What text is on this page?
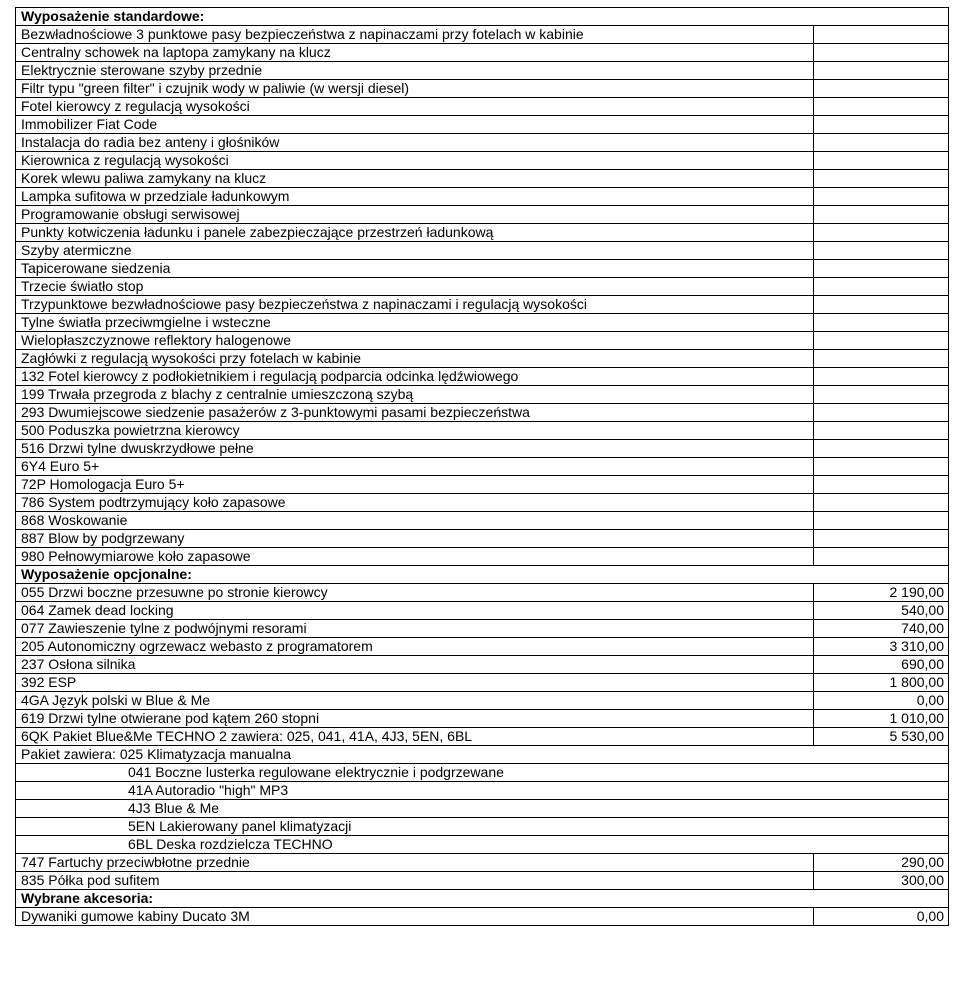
Wyposażenie standardowe:	
Bezwładnościowe 3 punktowe pasy bezpieczeństwa z napinaczami przy fotelach w kabinie	
Centralny schowek na laptopa zamykany na klucz	
Elektrycznie sterowane szyby przednie	
Filtr typu "green filter" i czujnik wody w paliwie (w wersji diesel)	
Fotel kierowcy z regulacją wysokości	
Immobilizer Fiat Code	
Instalacja do radia bez anteny i głośników	
Kierownica z regulacją wysokości	
Korek wlewu paliwa zamykany na klucz	
Lampka sufitowa w przedziale ładunkowym	
Programowanie obsługi serwisowej	
Punkty kotwiczenia ładunku i panele zabezpieczające przestrzeń ładunkową	
Szyby atermiczne	
Tapicerowane siedzenia	
Trzecie światło stop	
Trzypunktowe bezwładnościowe pasy bezpieczeństwa z napinaczami i regulacją wysokości	
Tylne światła przeciwmgielne i wsteczne	
Wielopłaszczyznowe reflektory halogenowe	
Zagłówki z regulacją wysokości przy fotelach w kabinie	
132 Fotel kierowcy z podłokietnikiem i regulacją podparcia odcinka lędźwiowego	
199 Trwała przegroda z blachy z centralnie umieszczoną szybą	
293 Dwumiejscowe siedzenie pasażerów z 3-punktowymi pasami bezpieczeństwa	
500 Poduszka powietrzna kierowcy	
516 Drzwi tylne dwuskrzydłowe pełne	
6Y4 Euro 5+	
72P Homologacja Euro 5+	
786 System podtrzymujący koło zapasowe	
868 Woskowanie	
887 Blow by podgrzewany	
980 Pełnowymiarowe koło zapasowe	
Wyposażenie opcjonalne:	
055 Drzwi boczne przesuwne po stronie kierowcy	2 190,00
064 Zamek dead locking	540,00
077 Zawieszenie tylne z podwójnymi resorami	740,00
205 Autonomiczny ogrzewacz webasto z programatorem	3 310,00
237 Osłona silnika	690,00
392 ESP	1 800,00
4GA Język polski w Blue & Me	0,00
619 Drzwi tylne otwierane pod kątem 260 stopni	1 010,00
6QK Pakiet Blue&Me TECHNO 2 zawiera: 025, 041, 41A, 4J3, 5EN, 6BL	5 530,00
Pakiet zawiera: 025 Klimatyzacja manualna	
041 Boczne lusterka regulowane elektrycznie i podgrzewane	
41A Autoradio "high" MP3	
4J3 Blue & Me	
5EN Lakierowany panel klimatyzacji	
6BL Deska rozdzielcza TECHNO	
747 Fartuchy przeciwbłotne przednie	290,00
835 Półka pod sufitem	300,00
Wybrane akcesoria:	
Dywaniki gumowe kabiny Ducato 3M	0,00
